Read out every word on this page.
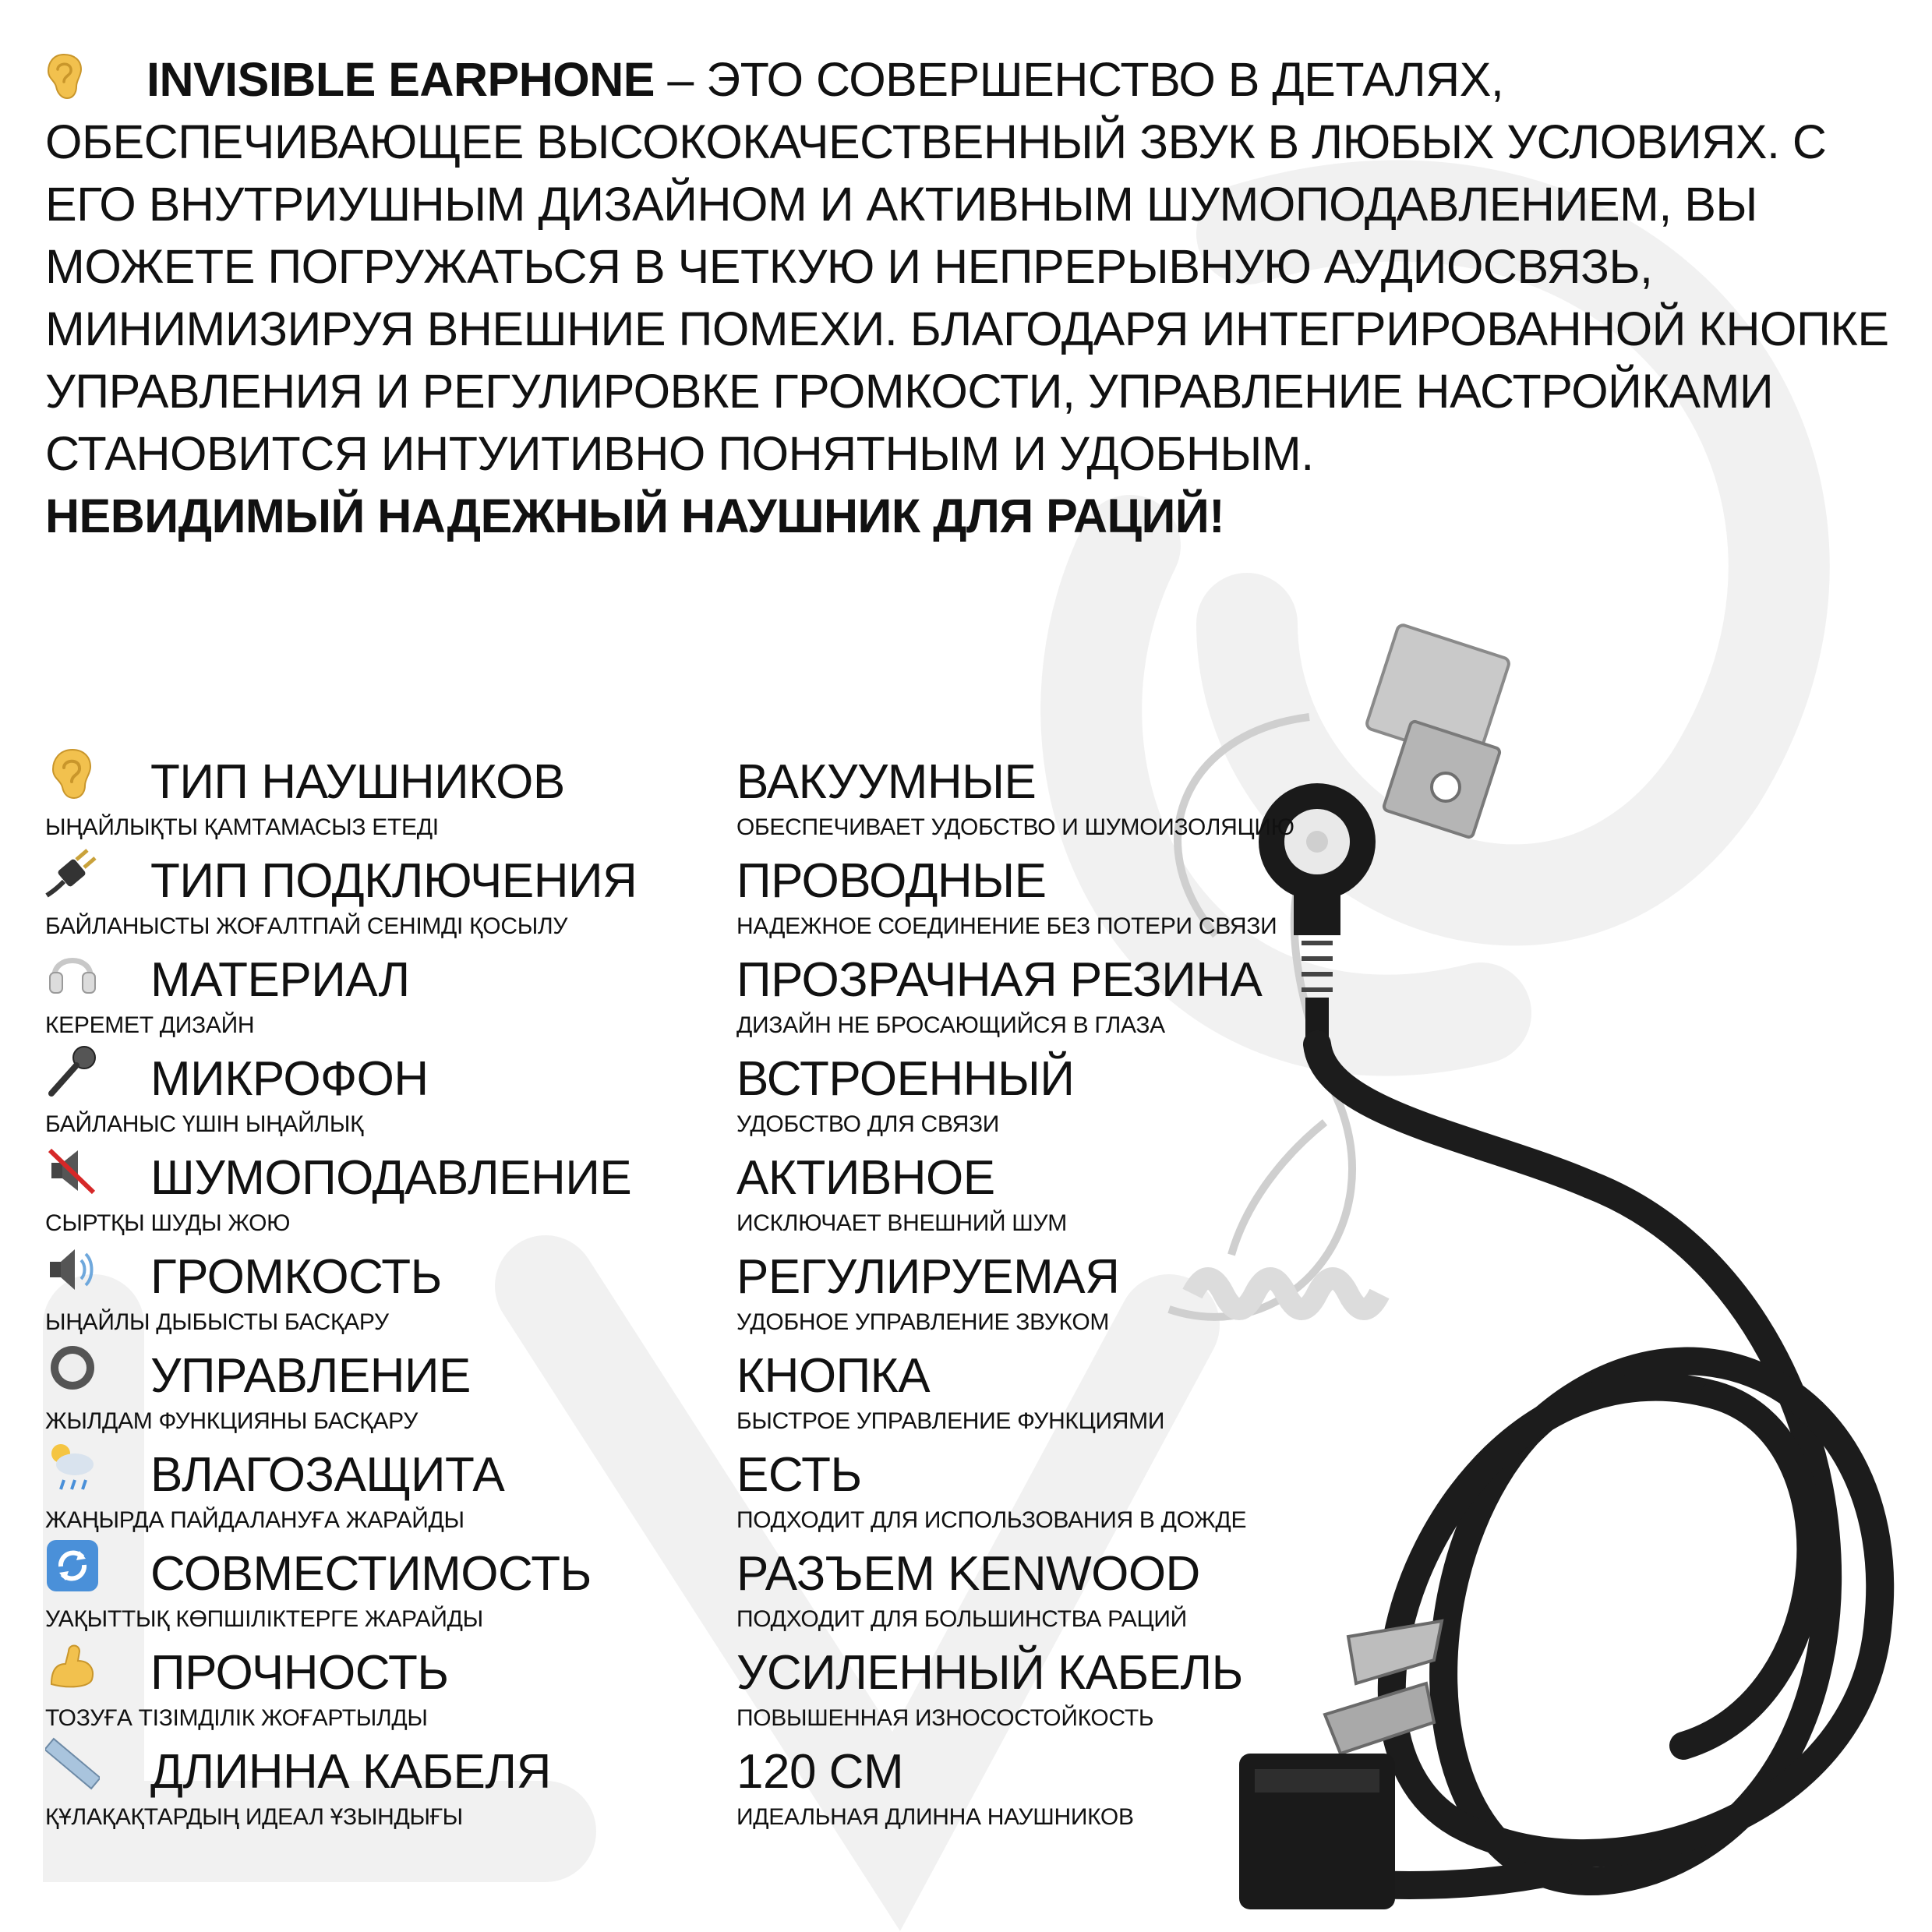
INVISIBLE EARPHONE – ЭТО СОВЕРШЕНСТВО В ДЕТАЛЯХ, ОБЕСПЕЧИВАЮЩЕЕ ВЫСОКОКАЧЕСТВЕННЫЙ ЗВУК В ЛЮБЫХ УСЛОВИЯХ. С ЕГО ВНУТРИУШНЫМ ДИЗАЙНОМ И АКТИВНЫМ ШУМОПОДАВЛЕНИЕМ, ВЫ МОЖЕТЕ ПОГРУЖАТЬСЯ В ЧЕТКУЮ И НЕПРЕРЫВНУЮ АУДИОСВЯЗЬ, МИНИМИЗИРУЯ ВНЕШНИЕ ПОМЕХИ. БЛАГОДАРЯ ИНТЕГРИРОВАННОЙ КНОПКЕ УПРАВЛЕНИЯ И РЕГУЛИРОВКЕ ГРОМКОСТИ, УПРАВЛЕНИЕ НАСТРОЙКАМИ СТАНОВИТСЯ ИНТУИТИВНО ПОНЯТНЫМ И УДОБНЫМ.
НЕВИДИМЫЙ НАДЕЖНЫЙ НАУШНИК ДЛЯ РАЦИЙ!

ТИП НАУШНИКОВ
ЫҢАЙЛЫҚТЫ ҚАМТАМАСЫЗ ЕТЕДІ
ВАКУУМНЫЕ
ОБЕСПЕЧИВАЕТ УДОБСТВО И ШУМОИЗОЛЯЦИЮ
ТИП ПОДКЛЮЧЕНИЯ
БАЙЛАНЫСТЫ ЖОҒАЛТПАЙ СЕНІМДІ ҚОСЫЛУ
ПРОВОДНЫЕ
НАДЕЖНОЕ СОЕДИНЕНИЕ БЕЗ ПОТЕРИ СВЯЗИ
МАТЕРИАЛ
КЕРЕМЕТ ДИЗАЙН
ПРОЗРАЧНАЯ РЕЗИНА
ДИЗАЙН НЕ БРОСАЮЩИЙСЯ В ГЛАЗА
МИКРОФОН
БАЙЛАНЫС ҮШІН ЫҢАЙЛЫҚ
ВСТРОЕННЫЙ
УДОБСТВО ДЛЯ СВЯЗИ
ШУМОПОДАВЛЕНИЕ
СЫРТҚЫ ШУДЫ ЖОЮ
АКТИВНОЕ
ИСКЛЮЧАЕТ ВНЕШНИЙ ШУМ
ГРОМКОСТЬ
ЫҢАЙЛЫ ДЫБЫСТЫ БАСҚАРУ
РЕГУЛИРУЕМАЯ
УДОБНОЕ УПРАВЛЕНИЕ ЗВУКОМ
УПРАВЛЕНИЕ
ЖЫЛДАМ ФУНКЦИЯНЫ БАСҚАРУ
КНОПКА
БЫСТРОЕ УПРАВЛЕНИЕ ФУНКЦИЯМИ
ВЛАГОЗАЩИТА
ЖАҢЫРДА ПАЙДАЛАНУҒА ЖАРАЙДЫ
ЕСТЬ
ПОДХОДИТ ДЛЯ ИСПОЛЬЗОВАНИЯ В ДОЖДЕ
СОВМЕСТИМОСТЬ
УАҚЫТТЫҚ КӨПШІЛІКТЕРГЕ ЖАРАЙДЫ
РАЗЪЕМ KENWOOD
ПОДХОДИТ ДЛЯ БОЛЬШИНСТВА РАЦИЙ
ПРОЧНОСТЬ
ТОЗУҒА ТІЗІМДІЛІК ЖОҒАРТЫЛДЫ
УСИЛЕННЫЙ КАБЕЛЬ
ПОВЫШЕННАЯ ИЗНОСОСТОЙКОСТЬ
ДЛИННА КАБЕЛЯ
ҚҰЛАҚАҚТАРДЫҢ ИДЕАЛ ҰЗЫНДЫҒЫ
120 CM
ИДЕАЛЬНАЯ ДЛИННА НАУШНИКОВ
